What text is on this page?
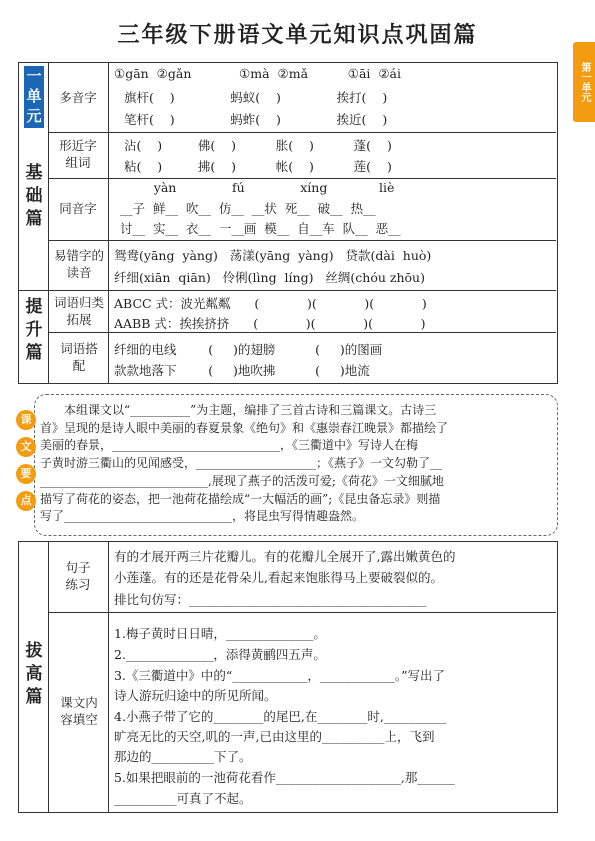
三年级下册语文单元知识点巩固篇
第一单元
一
单
元
基
础
篇
提
升
篇
多音字
形近字组词
同音字
易错字的读音
词语归类拓展
词语搭配
①gān  ②gǎn            ①mà  ②mǎ          ①āi  ②ái
旗杆(    )              蚂蚁(    )              挨打(    )
笔杆(    )              蚂蚱(    )              挨近(    )
沾(    )         佛(    )          胀(    )          蓬(    )
粘(    )         拂(    )          帐(    )          莲(    )
yàn              fú              xíng             liè
__子  鲜__  吹__  仿__  __状  死__  破__  热__
讨__  实__  衣__  一__画  模__  自__车  队__  恶__
鸳鸯(yāng  yàng)   荡漾(yāng  yàng)   贷款(dài  huò)
纤细(xiān  qiān)   伶俐(lìng  líng)   丝绸(chóu zhōu)
ABCC 式：波光粼粼      (            )(            )(            )
AABB 式：挨挨挤挤      (            )(            )(            )
纤细的电线        (     )的翅膀          (     )的图画
款款地落下        (     )地吹拂          (     )地流
课
文
要
点
本组课文以“__________”为主题，编排了三首古诗和三篇课文。古诗三
首》呈现的是诗人眼中美丽的春夏景象《绝句》和《惠崇春江晚景》都描绘了
美丽的春景，____________________________，《三衢道中》写诗人在梅
子黄时游三衢山的见闻感受，____________________；《燕子》一文勾勒了__
____________________________,展现了燕子的活泼可爱;《荷花》一文细腻地
描写了荷花的姿态，把一池荷花描绘成“一大幅活的画”;《昆虫备忘录》则描
写了____________________________，将昆虫写得情趣盎然。
拔
高
篇
句子练习
课文内容填空
有的才展开两三片花瓣儿。有的花瓣儿全展开了,露出嫩黄色的
小莲蓬。有的还是花骨朵儿,看起来饱胀得马上要破裂似的。
排比句仿写：______________________________________
1.梅子黄时日日晴，______________。
2.______________，添得黄鹂四五声。
3.《三衢道中》中的“____________，____________。”写出了
诗人游玩归途中的所见所闻。
4.小燕子带了它的________的尾巴,在________时,__________
旷亮无比的天空,叽的一声,已由这里的__________上，飞到
那边的__________下了。
5.如果把眼前的一池荷花看作____________________,那______
__________可真了不起。
